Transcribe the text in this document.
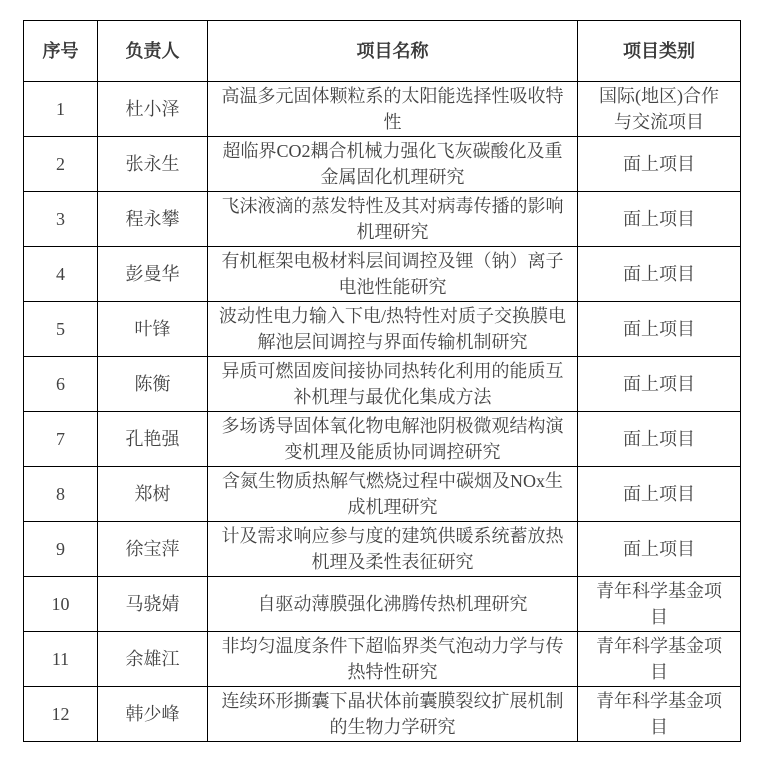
序号	负责人	项目名称	项目类别
1	杜小泽	高温多元固体颗粒系的太阳能选择性吸收特性	国际(地区)合作与交流项目
2	张永生	超临界CO2耦合机械力强化飞灰碳酸化及重金属固化机理研究	面上项目
3	程永攀	飞沫液滴的蒸发特性及其对病毒传播的影响机理研究	面上项目
4	彭曼华	有机框架电极材料层间调控及锂（钠）离子电池性能研究	面上项目
5	叶锋	波动性电力输入下电/热特性对质子交换膜电解池层间调控与界面传输机制研究	面上项目
6	陈衡	异质可燃固废间接协同热转化利用的能质互补机理与最优化集成方法	面上项目
7	孔艳强	多场诱导固体氧化物电解池阴极微观结构演变机理及能质协同调控研究	面上项目
8	郑树	含氮生物质热解气燃烧过程中碳烟及NOx生成机理研究	面上项目
9	徐宝萍	计及需求响应参与度的建筑供暖系统蓄放热机理及柔性表征研究	面上项目
10	马骁婧	自驱动薄膜强化沸腾传热机理研究	青年科学基金项目
11	余雄江	非均匀温度条件下超临界类气泡动力学与传热特性研究	青年科学基金项目
12	韩少峰	连续环形撕囊下晶状体前囊膜裂纹扩展机制的生物力学研究	青年科学基金项目
